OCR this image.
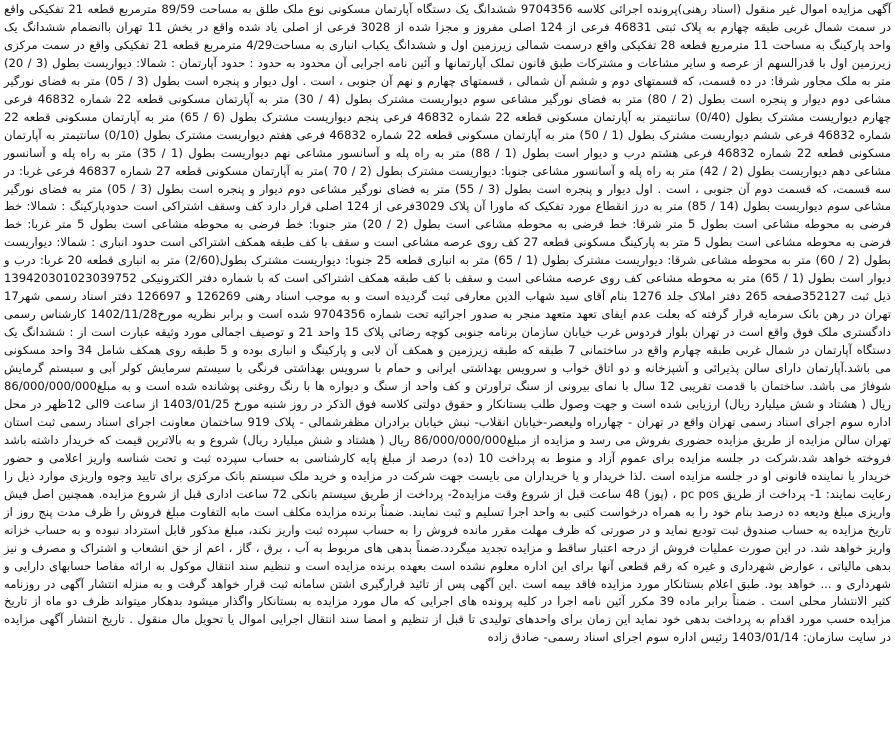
آگهی مزایده اموال غیر منقول (اسناد رهنی)پرونده اجرائی کلاسه 9704356 ششدانگ یک دستگاه آپارتمان مسکونی نوع ملک طلق به مساحت 89/59 مترمربع قطعه 21 تفکیکی واقع در سمت شمال غربی طبقه چهارم به پلاک ثبتی 46831 فرعی از 124 اصلی مفروز و مجزا شده از 3028 فرعی از اصلی یاد شده واقع در بخش 11 تهران باانضمام ششدانگ یک واحد پارکینگ به مساحت 11 مترمربع قطعه 28 تفکیکی واقع درسمت شمالی زیرزمین اول و ششدانگ یکباب انباری به مساحت4/29 مترمربع قطعه 21 تفکیکی واقع در سمت مرکزی زیرزمین اول با قدرالسهم از عرصه و سایر مشاعات و مشترکات طبق قانون تملک آپارتمانها و آئین نامه اجرایی آن محدود به حدود : حدود آپارتمان : شمالا: دیواریست بطول (3 / 20) متر به ملک مجاور شرقا: در ده قسمت، که قسمتهای دوم و ششم آن شمالی ، قسمتهای چهارم و نهم آن جنوبی ، است . اول دیوار و پنجره است بطول (3 / 05) متر به فضای نورگیر مشاعی دوم دیوار و پنجره است بطول (2 / 80) متر به فضای نورگیر مشاعی سوم دیواریست مشترک بطول (4 / 30) متر به آپارتمان مسکونی قطعه 22 شماره 46832 فرعی چهارم دیواریست مشترک بطول (0/40) سانتیمتر به آپارتمان مسکونی قطعه 22 شماره 46832 فرعی پنجم دیواریست مشترک بطول (6 / 65) متر به آپارتمان مسکونی قطعه 22 شماره 46832 فرعی ششم دیواریست مشترک بطول (1 / 50) متر به آپارتمان مسکونی قطعه 22 شماره 46832 فرعی هفتم دیواریست مشترک بطول (0/10) سانتیمتر به آپارتمان مسکونی قطعه 22 شماره 46832 فرعی هشتم درب و دیوار است بطول (1 / 88) متر به راه پله و آسانسور مشاعی نهم دیواریست بطول (1 / 35) متر به راه پله و آسانسور مشاعی دهم دیواریست بطول (2 / 42) متر به راه پله و آسانسور مشاعی جنوبا: دیواریست مشترک بطول (2 / 70 )متر به آپارتمان مسکونی قطعه 27 شماره 46837 فرعی غربا: در سه قسمت، که قسمت دوم آن جنوبی ، است . اول دیوار و پنجره است بطول (3 / 55) متر به فضای نورگیر مشاعی دوم دیوار و پنجره است بطول (3 / 05) متر به فضای نورگیر مشاعی سوم دیواریست بطول (14 / 85) متر به درز انقطاع مورد تفکیک که ماورا آن پلاک 3029فرعی از 124 اصلی قرار دارد کف وسقف اشتراکی است حدودپارکینگ : شمالا: خط فرضی به محوطه مشاعی است بطول 5 متر شرقا: خط فرضی به محوطه مشاعی است بطول (2 / 20) متر جنوبا: خط فرضی به محوطه مشاعی است بطول 5 متر غربا: خط فرضی به محوطه مشاعی است بطول 5 متر به پارکینگ مسکونی قطعه 27 کف روی عرصه مشاعی است و سقف با کف طبقه همکف اشتراکی است حدود انباری : شمالا: دیواریست بطول (2 / 60) متر به محوطه مشاعی شرقا: دیواریست مشترک بطول (1 / 65) متر به انباری قطعه 25 جنوبا: دیواریست مشترک بطول(2/60) متر به انباری قطعه 20 غربا: درب و دیوار است بطول (1 / 65) متر به محوطه مشاعی کف روی عرصه مشاعی است و سقف با کف طبقه همکف اشتراکی است که با شماره دفتر الکترونیکی 139420301023039752 ذیل ثبت 352127صفحه 265 دفتر املاک جلد 1276 بنام آقای سید شهاب الدین معارفی ثبت گردیده است و به موجب اسناد رهنی 126269 و 126697 دفتر اسناد رسمی شهر17 تهران در رهن بانک سرمایه قرار گرفته که بعلت عدم ایفای تعهد متعهد منجر به صدور اجرائیه تحت شماره 9704356 شده است و برابر نظریه مورخ1402/11/28 کارشناس رسمی دادگستری ملک فوق واقع است در تهران بلوار فردوس غرب خیابان سازمان برنامه جنوبی کوچه رضائی پلاک 15 واحد 21 و توصیف اجمالی مورد وثیقه عبارت است از : ششدانگ یک دستگاه آپارتمان در شمال غربی طبقه چهارم واقع در ساختمانی 7 طبقه که طبقه زیرزمین و همکف آن لابی و پارکینگ و انباری بوده و 5 طبقه روی همکف شامل 34 واحد مسکونی می باشد.آپارتمان دارای سالن پذیرائی و آشپزخانه و دو اتاق خواب و سرویس بهداشتی ایرانی و حمام با سرویس بهداشتی فرنگی با سیستم سرمایش کولر آبی و سیستم گرمایش شوفاژ می باشد. ساختمان با قدمت تقریبی 12 سال با نمای بیرونی از سنگ تراورتن و کف واحد از سنگ و دیواره ها با رنگ روغنی پوشانده شده است و به مبلغ86/000/000/000 ریال ( هشتاد و شش میلیارد ریال) ارزیابی شده است و جهت وصول طلب بستانکار و حقوق دولتی کلاسه فوق الذکر در روز شنبه مورخ 1403/01/25 از ساعت 9الی 12ظهر در محل اداره سوم اجرای اسناد رسمی تهران واقع در تهران - چهارراه ولیعصر-خیابان انقلاب- نبش خیابان برادران مظفرشمالی - پلاک 919 ساختمان معاونت اجرای اسناد رسمی ثبت استان تهران سالن مزایده از طریق مزایده حضوری بفروش می رسد و مزایده از مبلغ86/000/000/000 ریال ( هشتاد و شش میلیارد ریال) شروع و به بالاترین قیمت که خریدار داشته باشد فروخته خواهد شد.شرکت در جلسه مزایده برای عموم آزاد و منوط به پرداخت 10 (ده) درصد از مبلغ پایه کارشناسی به حساب سپرده ثبت و تحت شناسه واریز اعلامی و حضور خریدار یا نماینده قانونی او در جلسه مزایده است .لذا خریدار و یا خریداران می بایست جهت شرکت در مزایده و خرید ملک سیستم بانک مرکزی برای تایید وجوه واریزی موارد ذیل را رعایت نمایند: 1- پرداخت از طریق pc pos ، (پوز) 48 ساعت قبل از شروع وقت مزایده2- پرداخت از طریق سیستم بانکی 72 ساعت اداری قبل از شروع مزایده. همچنین اصل فیش واریزی مبلغ ودیعه ده درصد بنام خود را به همراه درخواست کتبی به واحد اجرا تسلیم و ثبت نمایند. ضمناً برنده مزایده مکلف است مابه التفاوت مبلغ فروش را ظرف مدت پنج روز از تاریخ مزایده به حساب صندوق ثبت تودیع نماید و در صورتی که ظرف مهلت مقرر مانده فروش را به حساب سپرده ثبت واریز نکند، مبلغ مذکور قابل استرداد نبوده و به حساب خزانه واریز خواهد شد. در این صورت عملیات فروش از درجه اعتبار ساقط و مزایده تجدید میگردد.ضمناً بدهی های مربوط به آب ، برق ، گاز ، اعم از حق انشعاب و اشتراک و مصرف و نیز بدهی مالیاتی ، عوارض شهرداری و غیره که رقم قطعی آنها برای این اداره معلوم نشده است بعهده برنده مزایده است و تنظیم سند انتقال موکول به ارائه مفاصا حسابهای دارایی و شهرداری و ... خواهد بود. طبق اعلام بستانکار مورد مزایده فاقد بیمه است .این آگهی پس از تائید قرارگیری اشتن سامانه ثبت قرار خواهد گرفت و به منزله انتشار آگهی در روزنامه کثیر الانتشار محلی است . ضمناً برابر ماده 39 مکرر آئین نامه اجرا در کلیه پرونده های اجرایی که مال مورد مزایده به بستانکار واگذار میشود بدهکار میتواند ظرف دو ماه از تاریخ مزایده حسب مورد اقدام به پرداخت بدهی خود نماید این زمان برای واحدهای تولیدی تا قبل از تنظیم و امضا سند انتقال اجرایی اموال یا تحویل مال منقول . تاریخ انتشار آگهی مزایده در سایت سازمان: 1403/01/14 رئیس اداره سوم اجرای اسناد رسمی- صادق زاده
